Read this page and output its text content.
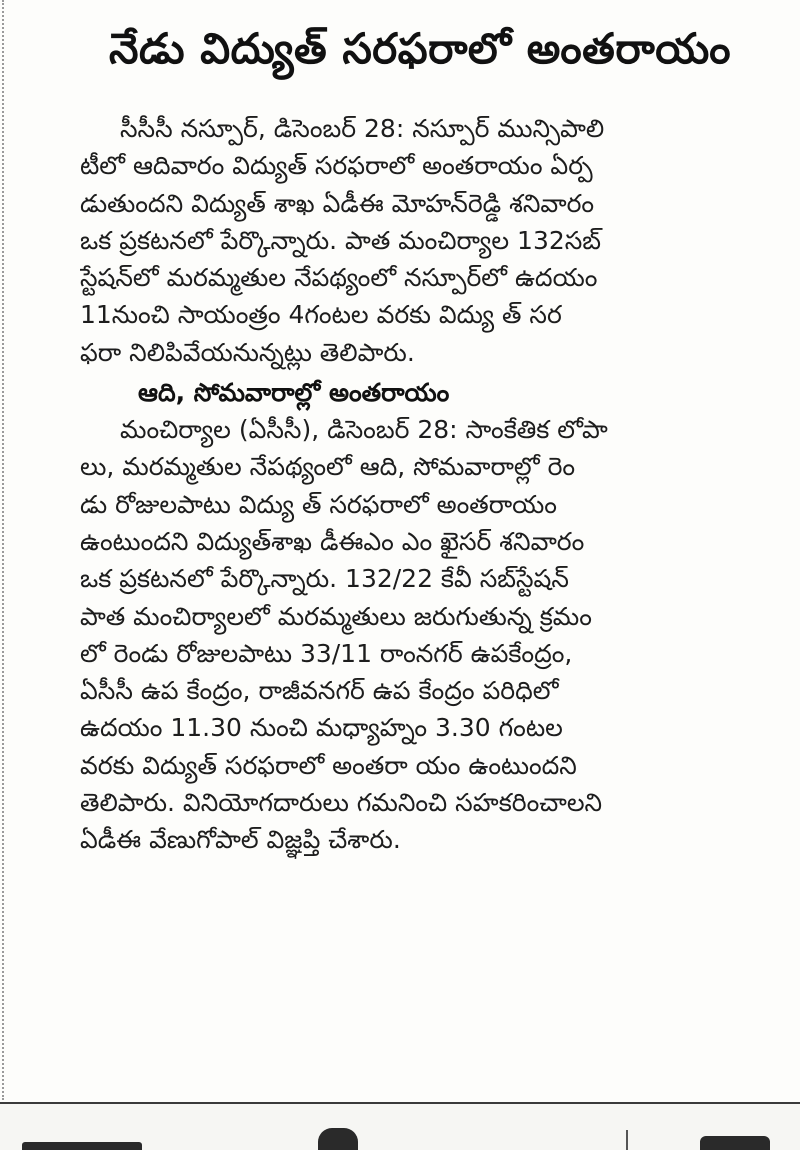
నేడు విద్యుత్ సరఫరాలో అంతరాయం
సీసీసీ నస్పూర్, డిసెంబర్ 28: నస్పూర్ మున్సిపాలి
టీలో ఆదివారం విద్యుత్ సరఫరాలో అంతరాయం ఏర్ప
డుతుందని విద్యుత్ శాఖ ఏడీఈ మోహన్‌రెడ్డి శనివారం
ఒక ప్రకటనలో పేర్కొన్నారు. పాత మంచిర్యాల 132సబ్
స్టేషన్‌లో మరమ్మతుల నేపథ్యంలో నస్పూర్‌లో ఉదయం
11నుంచి సాయంత్రం 4గంటల వరకు విద్యు త్ సర
ఫరా నిలిపివేయనున్నట్లు తెలిపారు.
ఆది, సోమవారాల్లో అంతరాయం
మంచిర్యాల (ఏసీసీ), డిసెంబర్ 28: సాంకేతిక లోపా
లు, మరమ్మతుల నేపథ్యంలో ఆది, సోమవారాల్లో రెం
డు రోజులపాటు విద్యు త్ సరఫరాలో అంతరాయం
ఉంటుందని విద్యుత్‌శాఖ డీఈఎం ఎం ఖైసర్ శనివారం
ఒక ప్రకటనలో పేర్కొన్నారు. 132/22 కేవీ సబ్‌స్టేషన్
పాత మంచిర్యాలలో మరమ్మతులు జరుగుతున్న క్రమం
లో రెండు రోజులపాటు 33/11 రాంనగర్ ఉపకేంద్రం,
ఏసీసీ ఉప కేంద్రం, రాజీవనగర్ ఉప కేంద్రం పరిధిలో
ఉదయం 11.30 నుంచి మధ్యాహ్నం 3.30 గంటల
వరకు విద్యుత్ సరఫరాలో అంతరా యం ఉంటుందని
తెలిపారు. వినియోగదారులు గమనించి సహకరించాలని
ఏడీఈ వేణుగోపాల్ విజ్ఞప్తి చేశారు.
